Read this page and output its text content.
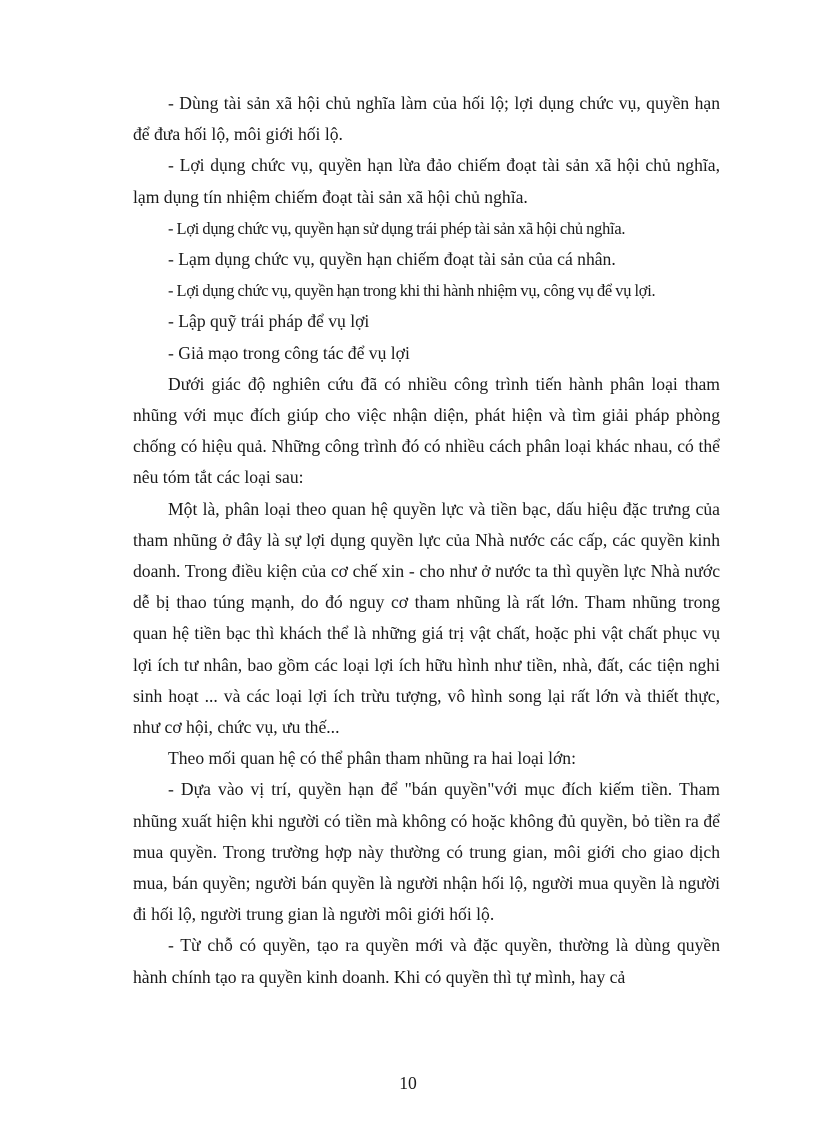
- Dùng tài sản xã hội chủ nghĩa làm của hối lộ; lợi dụng chức vụ, quyền hạn để đưa hối lộ, môi giới hối lộ.

- Lợi dụng chức vụ, quyền hạn lừa đảo chiếm đoạt tài sản xã hội chủ nghĩa, lạm dụng tín nhiệm chiếm đoạt tài sản xã hội chủ nghĩa.

- Lợi dụng chức vụ, quyền hạn sử dụng trái phép tài sản xã hội chủ nghĩa.

- Lạm dụng chức vụ, quyền hạn chiếm đoạt tài sản của cá nhân.

- Lợi dụng chức vụ, quyền hạn trong khi thi hành nhiệm vụ, công vụ để vụ lợi.

- Lập quỹ trái pháp để vụ lợi

- Giả mạo trong công tác để vụ lợi

Dưới giác độ nghiên cứu đã có nhiều công trình tiến hành phân loại tham nhũng với mục đích giúp cho việc nhận diện, phát hiện và tìm giải pháp phòng chống có hiệu quả. Những công trình đó có nhiều cách phân loại khác nhau, có thể nêu tóm tắt các loại sau:

Một là, phân loại theo quan hệ quyền lực và tiền bạc, dấu hiệu đặc trưng của tham nhũng ở đây là sự lợi dụng quyền lực của Nhà nước các cấp, các quyền kinh doanh. Trong điều kiện của cơ chế xin - cho như ở nước ta thì quyền lực Nhà nước dễ bị thao túng mạnh, do đó nguy cơ tham nhũng là rất lớn. Tham nhũng trong quan hệ tiền bạc thì khách thể là những giá trị vật chất, hoặc phi vật chất phục vụ lợi ích tư nhân, bao gồm các loại lợi ích hữu hình như tiền, nhà, đất, các tiện nghi sinh hoạt ... và các loại lợi ích trừu tượng, vô hình song lại rất lớn và thiết thực, như cơ hội, chức vụ, ưu thế...

Theo mối quan hệ có thể phân tham nhũng ra hai loại lớn:

- Dựa vào vị trí, quyền hạn để "bán quyền"với mục đích kiếm tiền. Tham nhũng xuất hiện khi người có tiền mà không có hoặc không đủ quyền, bỏ tiền ra để mua quyền. Trong trường hợp này thường có trung gian, môi giới cho giao dịch mua, bán quyền; người bán quyền là người nhận hối lộ, người mua quyền là người đi hối lộ, người trung gian là người môi giới hối lộ.

- Từ chỗ có quyền, tạo ra quyền mới và đặc quyền, thường là dùng quyền hành chính tạo ra quyền kinh doanh. Khi có quyền thì tự mình, hay cả

10
